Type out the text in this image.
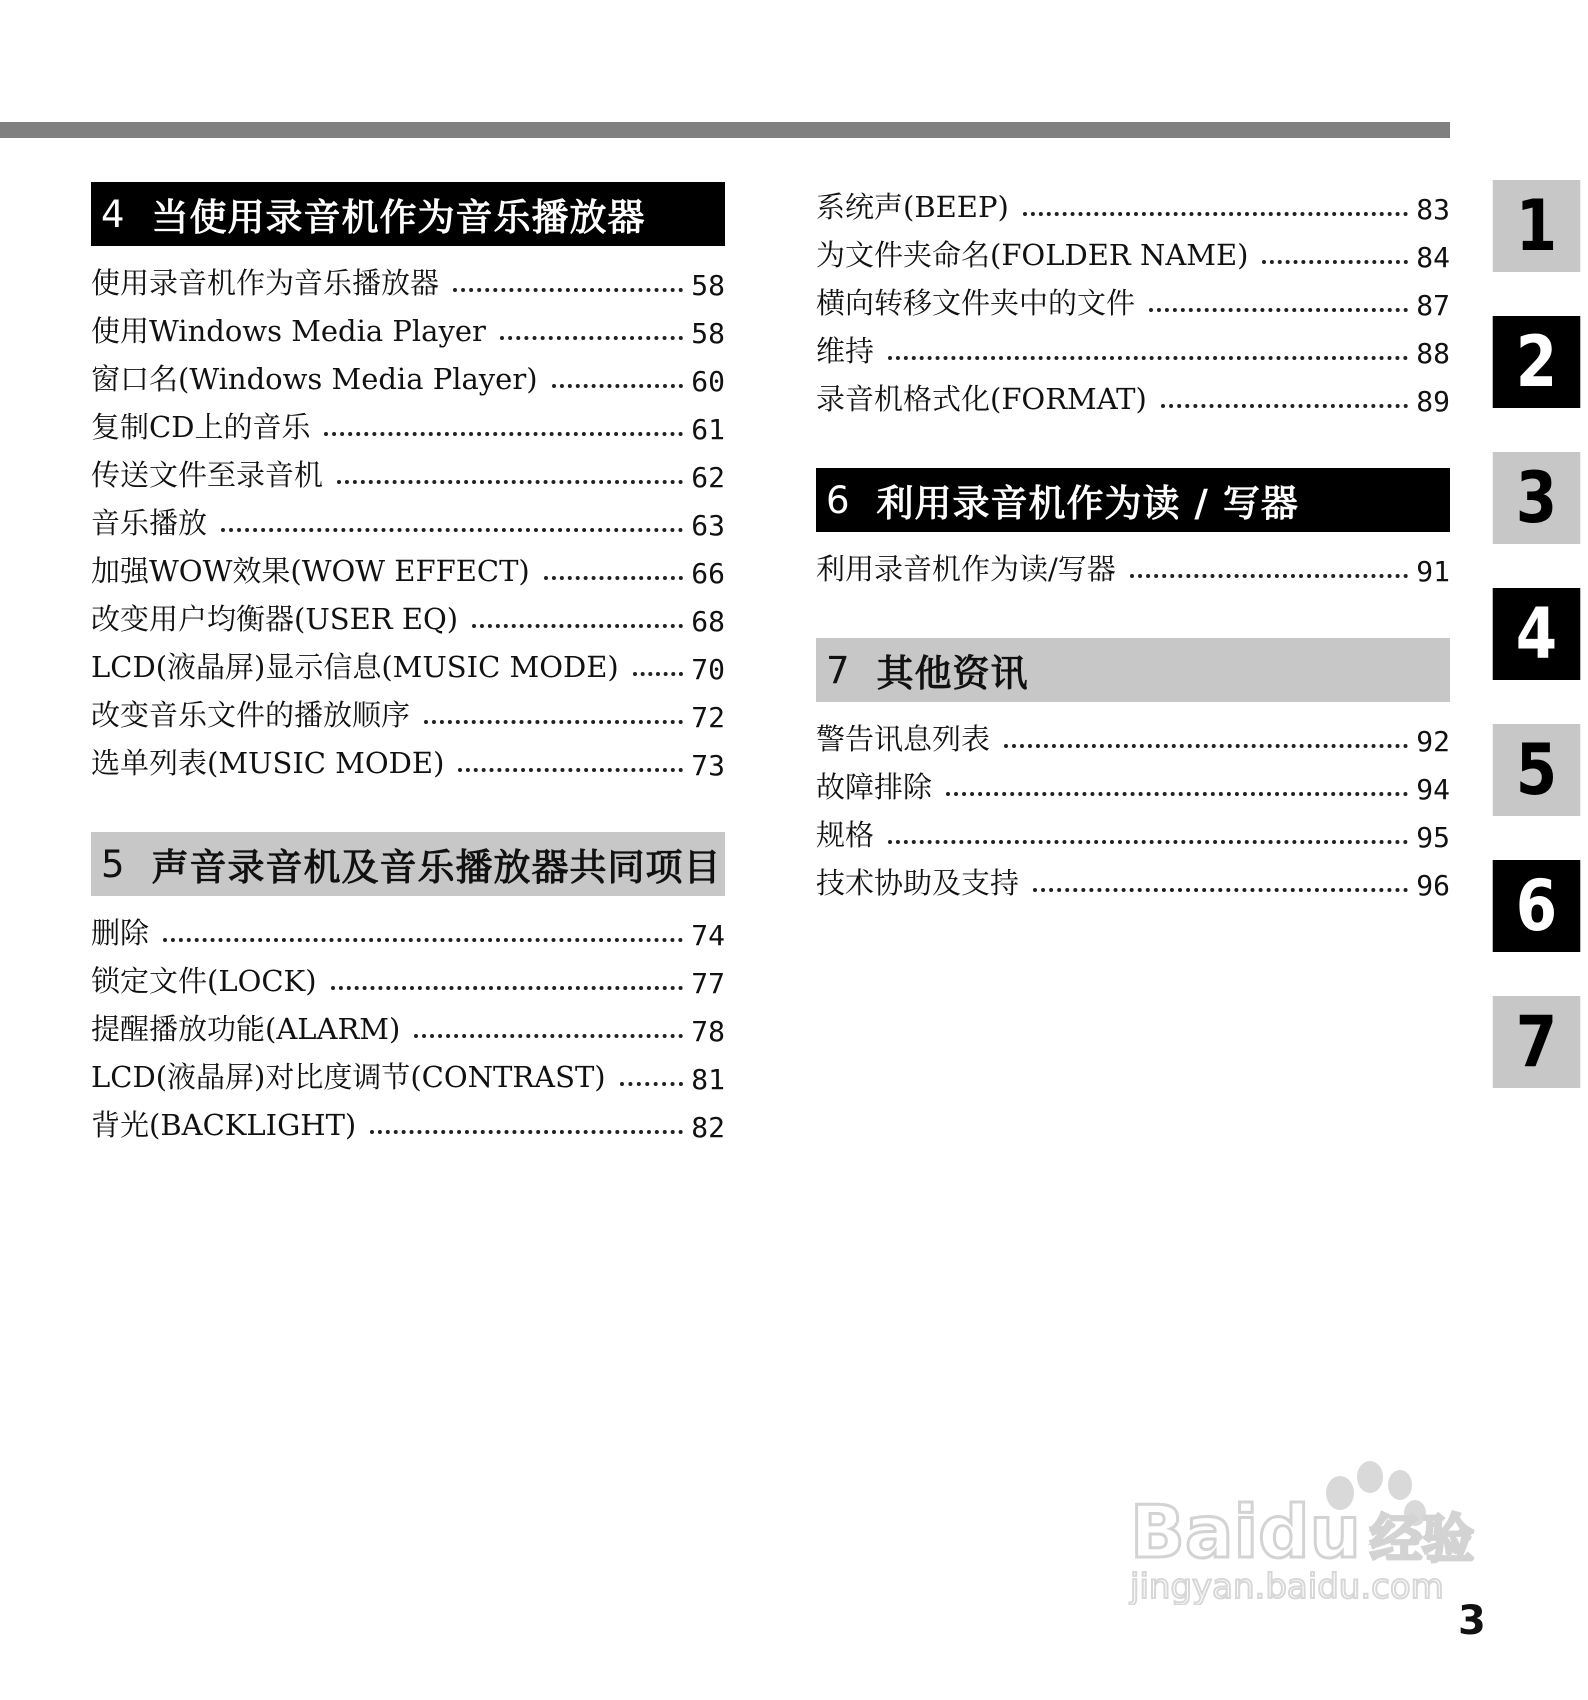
4 当使用录音机作为音乐播放器
使用录音机作为音乐播放器	58
使用Windows Media Player	58
窗口名(Windows Media Player)	60
复制CD上的音乐	61
传送文件至录音机	62
音乐播放	63
加强WOW效果(WOW EFFECT)	66
改变用户均衡器(USER EQ)	68
LCD(液晶屏)显示信息(MUSIC MODE)	70
改变音乐文件的播放顺序	72
选单列表(MUSIC MODE)	73
5 声音录音机及音乐播放器共同项目
删除	74
锁定文件(LOCK)	77
提醒播放功能(ALARM)	78
LCD(液晶屏)对比度调节(CONTRAST)	81
背光(BACKLIGHT)	82
系统声(BEEP)	83
为文件夹命名(FOLDER NAME)	84
横向转移文件夹中的文件	87
维持	88
录音机格式化(FORMAT)	89
6 利用录音机作为读 / 写器
利用录音机作为读/写器	91
7 其他资讯
警告讯息列表	92
故障排除	94
规格	95
技术协助及支持	96
1
2
3
4
5
6
7
Baidu 经验
jingyan.baidu.com
3
